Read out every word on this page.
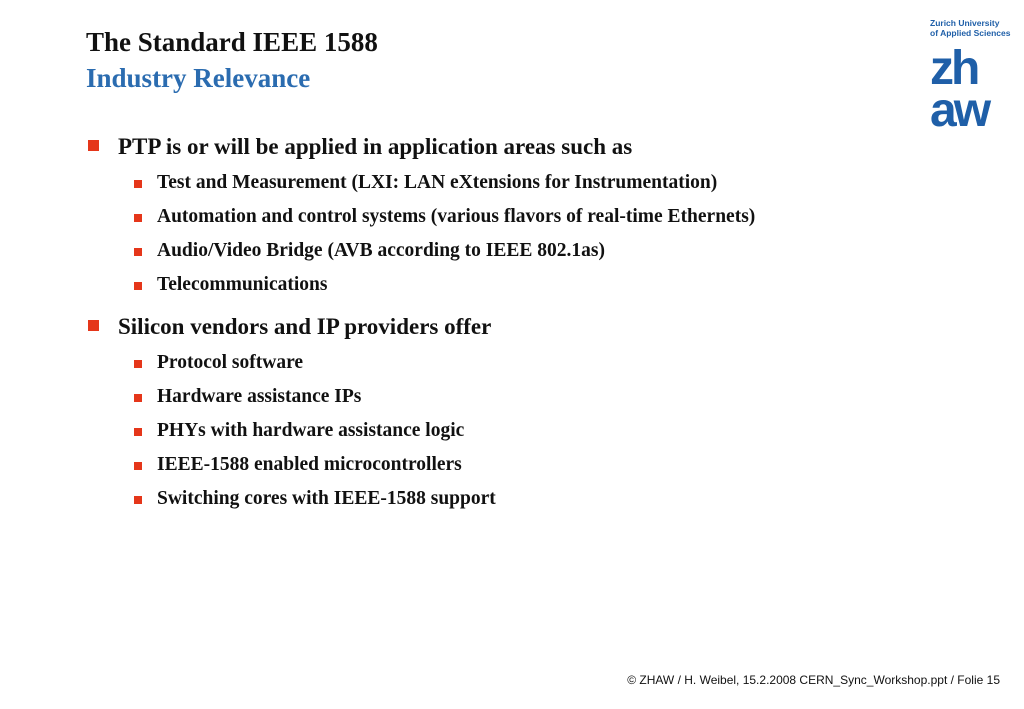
The Standard IEEE 1588
Industry Relevance
Zurich University
of Applied Sciences
zh
aw
PTP is or will be applied in application areas such as
Test and Measurement (LXI: LAN eXtensions for Instrumentation)
Automation and control systems (various flavors of real-time Ethernets)
Audio/Video Bridge (AVB according to IEEE 802.1as)
Telecommunications
Silicon vendors and IP providers offer
Protocol software
Hardware assistance IPs
PHYs with hardware assistance logic
IEEE-1588 enabled microcontrollers
Switching cores with IEEE-1588 support
© ZHAW / H. Weibel, 15.2.2008 CERN_Sync_Workshop.ppt / Folie 15
